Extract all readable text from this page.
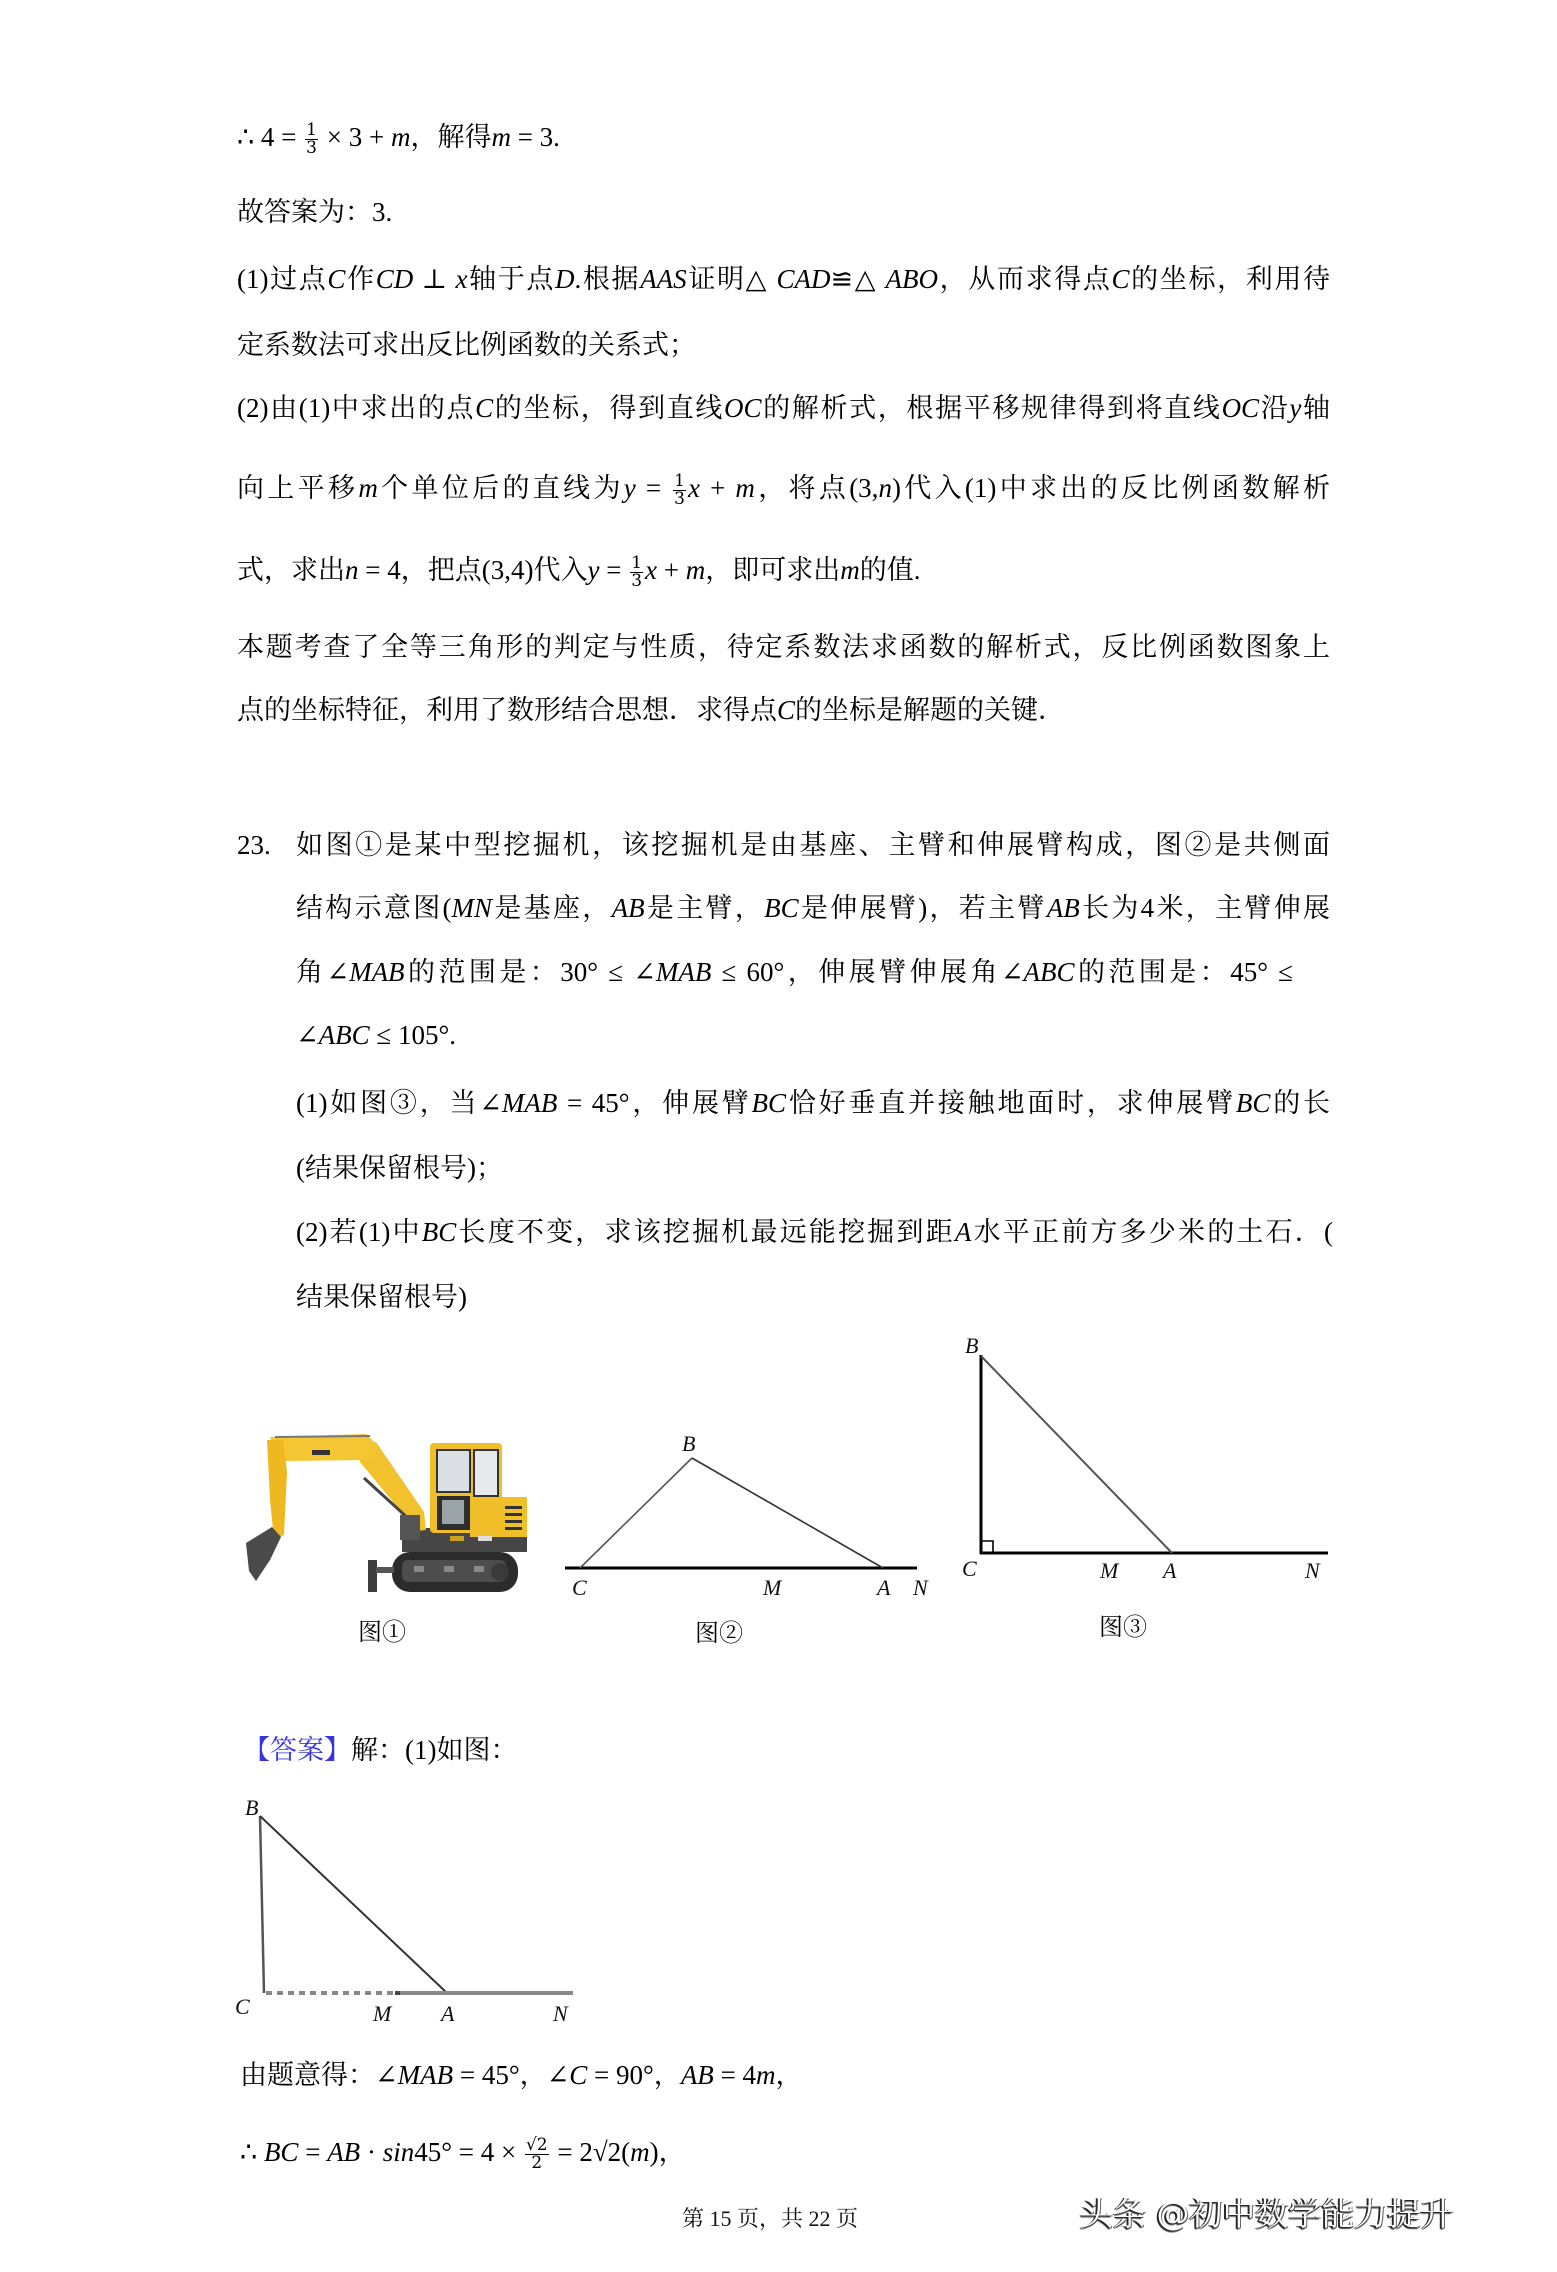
∴ $4 = \frac{1}{3} \times 3 + m$，解得m = 3.
故答案为：3.
(1)过点C作CD ⊥ x轴于点D.根据AAS证明△ CAD≌△ ABO，从而求得点C的坐标，利用待
定系数法可求出反比例函数的关系式；
(2)由(1)中求出的点C的坐标，得到直线OC的解析式，根据平移规律得到将直线OC沿y轴
向上平移m个单位后的直线为$y = \frac{1}{3}$ x + m，将点(3,n)代入(1)中求出的反比例函数解析
式，求出n = 4，把点(3,4)代入$y = \frac{1}{3}$ x + m，即可求出m的值.
本题考查了全等三角形的判定与性质，待定系数法求函数的解析式，反比例函数图象上
点的坐标特征，利用了数形结合思想．求得点C的坐标是解题的关键．
23. 如图①是某中型挖掘机，该挖掘机是由基座、主臂和伸展臂构成，图②是共侧面
结构示意图(MN是基座，AB是主臂，BC是伸展臂)，若主臂AB长为4米，主臂伸展
角∠MAB的范围是：30° ≤ ∠MAB ≤ 60°，伸展臂伸展角∠ABC的范围是：45° ≤
∠ABC ≤ 105°.
(1)如图③，当∠MAB = 45°，伸展臂BC恰好垂直并接触地面时，求伸展臂BC的长
(结果保留根号)；
(2)若(1)中BC长度不变，求该挖掘机最远能挖掘到距A水平正前方多少米的土石．(
结果保留根号)
图①
B
C	M	A N
图②
B
C	M A	N
图③
【答案】解：(1)如图：
B
C	M A	N
由题意得：∠MAB = 45°，∠C = 90°，AB = 4m，
∴ BC = AB · $\sin 45^\circ = 4 \times \frac{√2}{2} = 2√2(m)$，
第 15 页，共 22 页	头条 @初中数学能力提升
